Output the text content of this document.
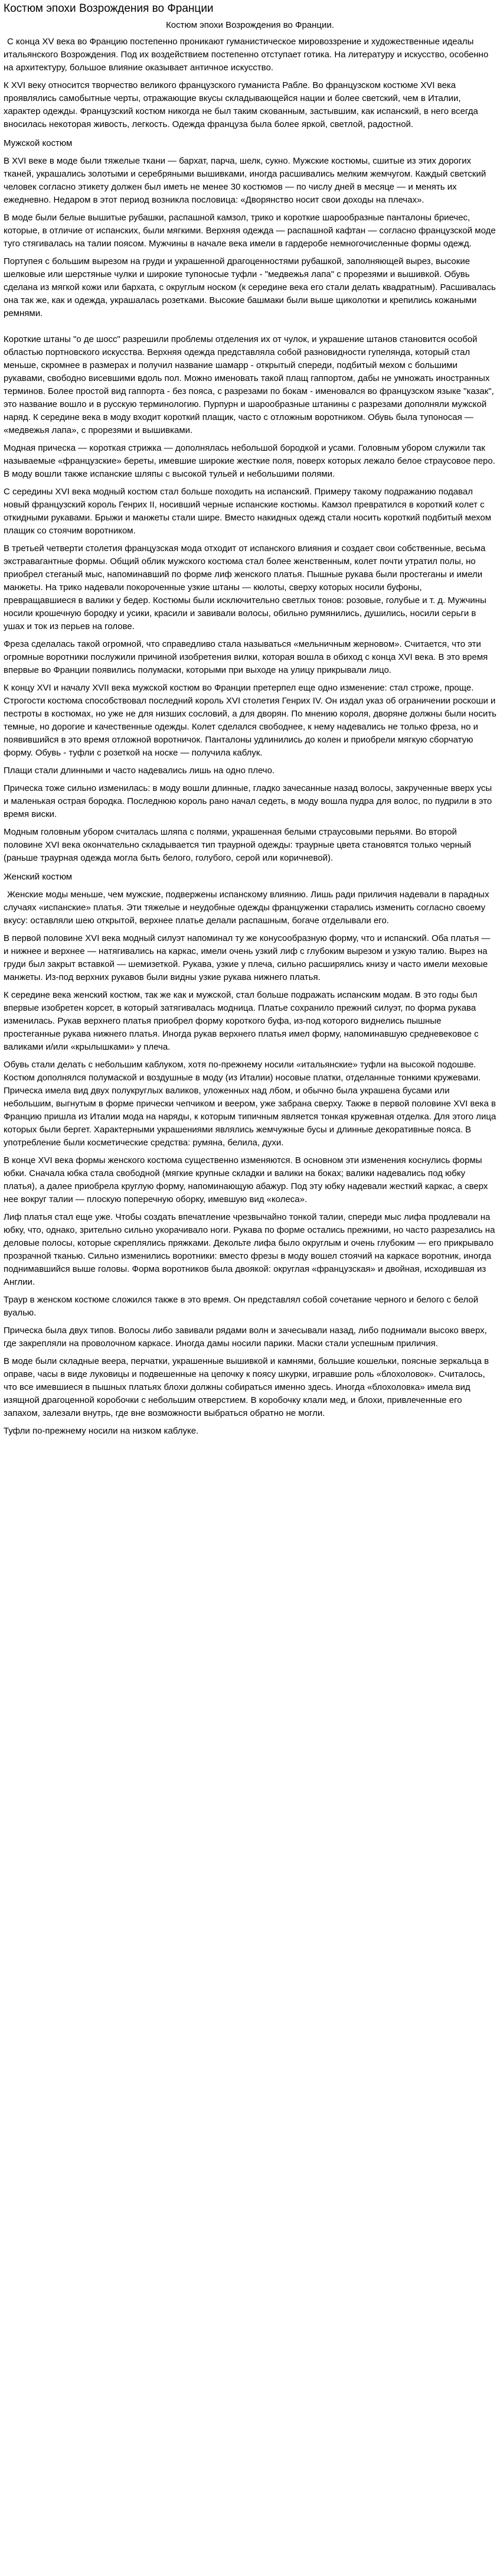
Костюм эпохи Возрождения во Франции
Костюм эпохи Возрождения во Франции.

С конца XV века во Францию постепенно проникают гуманистическое мировоззрение и художественные идеалы итальянского Возрождения. Под их воздействием постепенно отступает готика. На литературу и искусство, особенно на архитектуру, большое влияние оказывает античное искусство.

К XVI веку относится творчество великого французского гуманиста Рабле. Во французском костюме XVI века проявлялись самобытные черты, отражающие вкусы складывающейся нации и более светский, чем в Италии, характер одежды. Французский костюм никогда не был таким скованным, застывшим, как испанский, в него всегда вносилась некоторая живость, легкость. Одежда француза была более яркой, светлой, радостной.

Мужской костюм

В XVI веке в моде были тяжелые ткани — бархат, парча, шелк, сукно. Мужские костюмы, сшитые из этих дорогих тканей, украшались золотыми и серебряными вышивками, иногда расшивались мелким жемчугом. Каждый светский человек согласно этикету должен был иметь не менее 30 костюмов — по числу дней в месяце — и менять их ежедневно. Недаром в этот период возникла пословица: «Дворянство носит свои доходы на плечах».

В моде были белые вышитые рубашки, распашной камзол, трико и короткие шарообразные панталоны бриечес, которые, в отличие от испанских, были мягкими. Верхняя одежда — распашной кафтан — согласно французской моде туго стягивалась на талии поясом. Мужчины в начале века имели в гардеробе немногочисленные формы одежд.

Портупея с большим вырезом на груди и украшенной драгоценностями рубашкой, заполняющей вырез, высокие шелковые или шерстяные чулки и широкие тупоносые туфли - "медвежья лапа" с прорезями и вышивкой. Обувь сделана из мягкой кожи или бархата, с округлым носком (к середине века его стали делать квадратным). Расшивалась она так же, как и одежда, украшалась розетками. Высокие башмаки были выше щиколотки и крепились кожаными ремнями.

Короткие штаны "о де шосс" разрешили проблемы отделения их от чулок, и украшение штанов становится особой областью портновского искусства. Верхняя одежда представляла собой разновидности гупелянда, который стал меньше, скромнее в размерах и получил название шамарр - открытый спереди, подбитый мехом с большими рукавами, свободно висевшими вдоль пол. Можно именовать такой плащ гаппортом, дабы не умножать иностранных терминов. Более простой вид гаппорта - без пояса, с разрезами по бокам - именовался во французском языке "казак", это название вошло и в русскую терминологию. Пурпурн и шарообразные штанины с разрезами дополняли мужской наряд. К середине века в моду входит короткий плащик, часто с отложным воротником. Обувь была тупоносая — «медвежья лапа», с прорезями и вышивками.

Модная прическа — короткая стрижка — дополнялась небольшой бородкой и усами. Головным убором служили так называемые «французские» береты, имевшие широкие жесткие поля, поверх которых лежало белое страусовое перо. В моду вошли также испанские шляпы с высокой тульей и небольшими полями.

С середины XVI века модный костюм стал больше походить на испанский. Примеру такому подражанию подавал новый французский король Генрих II, носивший черные испанские костюмы. Камзол превратился в короткий колет с откидными рукавами. Брыжи и манжеты стали шире. Вместо накидных одежд стали носить короткий подбитый мехом плащик со стоячим воротником.

В третьей четверти столетия французская мода отходит от испанского влияния и создает свои собственные, весьма экстравагантные формы. Общий облик мужского костюма стал более женственным, колет почти утратил полы, но приобрел стеганый мыс, напоминавший по форме лиф женского платья. Пышные рукава были простеганы и имели манжеты. На трико надевали покороченные узкие штаны — кюлоты, сверху которых носили буфоны, превращавшиеся в валики у бедер. Костюмы были исключительно светлых тонов: розовые, голубые и т. д. Мужчины носили крошечную бородку и усики, красили и завивали волосы, обильно румянились, душились, носили серьги в ушах и ток из перьев на голове.

Фреза сделалась такой огромной, что справедливо стала называться «мельничным жерновом». Считается, что эти огромные воротники послужили причиной изобретения вилки, которая вошла в обиход с конца XVI века. В это время впервые во Франции появились полумаски, которыми при выходе на улицу прикрывали лицо.

К концу XVI и началу XVII века мужской костюм во Франции претерпел еще одно изменение: стал строже, проще. Строгости костюма способствовал последний король XVI столетия Генрих IV. Он издал указ об ограничении роскоши и пестроты в костюмах, но уже не для низших сословий, а для дворян. По мнению короля, дворяне должны были носить темные, но дорогие и качественные одежды. Колет сделался свободнее, к нему надевались не только фреза, но и появившийся в это время отложной воротничок. Панталоны удлинились до колен и приобрели мягкую сборчатую форму. Обувь - туфли с розеткой на носке — получила каблук.

Плащи стали длинными и часто надевались лишь на одно плечо.

Прическа тоже сильно изменилась: в моду вошли длинные, гладко зачесанные назад волосы, закрученные вверх усы и маленькая острая бородка. Последнюю король рано начал седеть, в моду вошла пудра для волос, по пудрили в это время виски.

Модным головным убором считалась шляпа с полями, украшенная белыми страусовыми перьями. Во второй половине XVI века окончательно складывается тип траурной одежды: траурные цвета становятся только черный (раньше траурная одежда могла быть белого, голубого, серой или коричневой).

Женский костюм

Женские моды меньше, чем мужские, подвержены испанскому влиянию. Лишь ради приличия надевали в парадных случаях «испанские» платья. Эти тяжелые и неудобные одежды француженки старались изменить согласно своему вкусу: оставляли шею открытой, верхнее платье делали распашным, богаче отделывали его.

В первой половине XVI века модный силуэт напоминал ту же конусообразную форму, что и испанский. Оба платья — и нижнее и верхнее — натягивались на каркас, имели очень узкий лиф с глубоким вырезом и узкую талию. Вырез на груди был закрыт вставкой — шемизеткой. Рукава, узкие у плеча, сильно расширялись книзу и часто имели меховые манжеты. Из-под верхних рукавов были видны узкие рукава нижнего платья.

К середине века женский костюм, так же как и мужской, стал больше подражать испанским модам. В это годы был впервые изобретен корсет, в который затягивалась модница. Платье сохранило прежний силуэт, по форма рукава изменилась. Рукав верхнего платья приобрел форму короткого буфа, из-под которого виднелись пышные простеганные рукава нижнего платья. Иногда рукав верхнего платья имел форму, напоминавшую средневековое с валиками и/или «крылышками» у плеча.

Обувь стали делать с небольшим каблуком, хотя по-прежнему носили «итальянские» туфли на высокой подошве. Костюм дополнялся полумаской и воздушные в моду (из Италии) носовые платки, отделанные тонкими кружевами. Прическа имела вид двух полукруглых валиков, уложенных над лбом, и обычно была украшена бусами или небольшим, выгнутым в форме прически чепчиком и веером, уже забрана сверху. Также в первой половине XVI века в Францию пришла из Италии мода на наряды, к которым типичным является тонкая кружевная отделка. Для этого лица которых были бергет. Характерными украшениями являлись жемчужные бусы и длинные декоративные пояса. В употребление были косметические средства: румяна, белила, духи.

В конце XVI века формы женского костюма существенно изменяются. В основном эти изменения коснулись формы юбки. Сначала юбка стала свободной (мягкие крупные складки и валики на боках; валики надевались под юбку платья), а далее приобрела круглую форму, напоминающую абажур. Под эту юбку надевали жесткий каркас, а сверх нее вокруг талии — плоскую поперечную оборку, имевшую вид «колеса».

Лиф платья стал еще уже. Чтобы создать впечатление чрезвычайно тонкой талии, спереди мыс лифа продлевали на юбку, что, однако, зрительно сильно укорачивало ноги. Рукава по форме остались прежними, но часто разрезались на деловые полосы, которые скреплялись пряжками. Декольте лифа было округлым и очень глубоким — его прикрывало прозрачной тканью. Сильно изменились воротники: вместо фрезы в моду вошел стоячий на каркасе воротник, иногда поднимавшийся выше головы. Форма воротников была двоякой: округлая «французская» и двойная, исходившая из Англии.

Траур в женском костюме сложился также в это время. Он представлял собой сочетание черного и белого с белой вуалью.

Прическа была двух типов. Волосы либо завивали рядами волн и зачесывали назад, либо поднимали высоко вверх, где закрепляли на проволочном каркасе. Иногда дамы носили парики. Маски стали успешным приличия.

В моде были складные веера, перчатки, украшенные вышивкой и камнями, большие кошельки, поясные зеркальца в оправе, часы в виде луковицы и подвешенные на цепочку к поясу шкурки, игравшие роль «блохоловок». Считалось, что все имевшиеся в пышных платьях блохи должны собираться именно здесь. Иногда «блохоловка» имела вид изящной драгоценной коробочки с небольшим отверстием. В коробочку клали мед, и блохи, привлеченные его запахом, залезали внутрь, где вне возможности выбраться обратно не могли.

Туфли по-прежнему носили на низком каблуке.
